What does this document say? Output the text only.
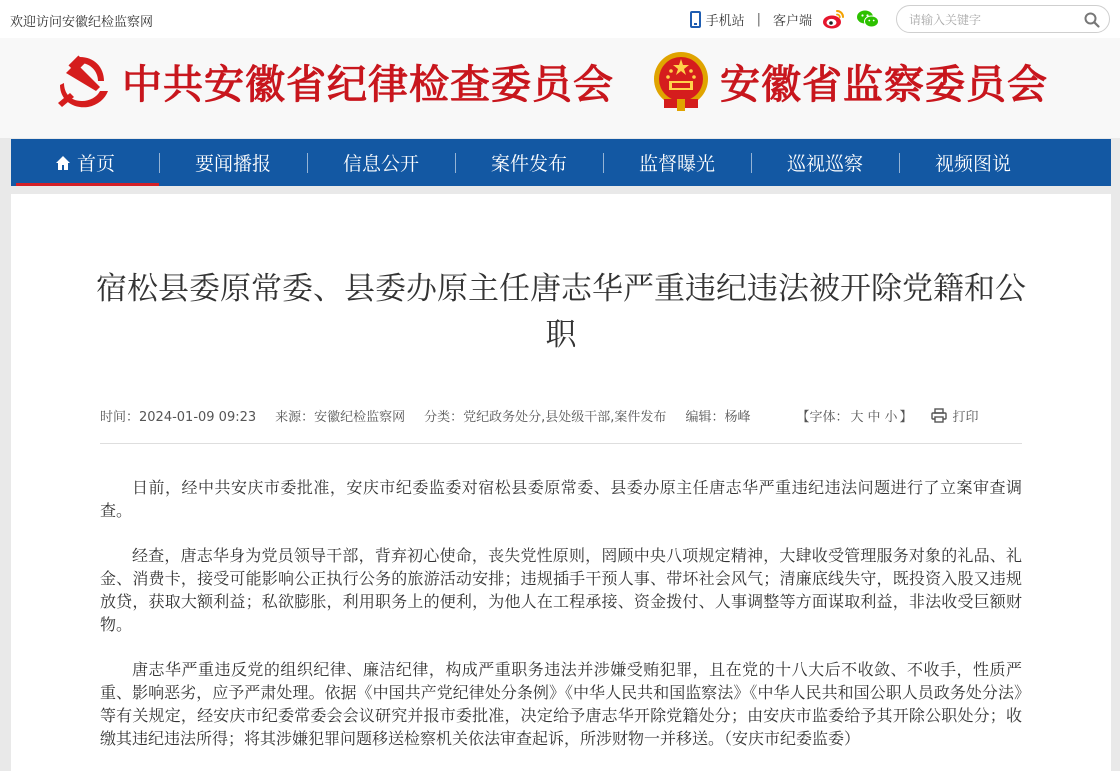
欢迎访问安徽纪检监察网	手机站 | 客户端
请输入关键字
中共安徽省纪律检查委员会	安徽省监察委员会
首页	要闻播报	信息公开	案件发布	监督曝光	巡视巡察	视频图说
宿松县委原常委、县委办原主任唐志华严重违纪违法被开除党籍和公职
时间：2024-01-09 09:23 来源：安徽纪检监察网 分类：党纪政务处分,县处级干部,案件发布 编辑：杨峰	【字体： 大 中 小 】	打印

日前，经中共安庆市委批准，安庆市纪委监委对宿松县委原常委、县委办原主任唐志华严重违纪违法问题进行了立案审查调查。

经查，唐志华身为党员领导干部，背弃初心使命，丧失党性原则，罔顾中央八项规定精神，大肆收受管理服务对象的礼品、礼金、消费卡，接受可能影响公正执行公务的旅游活动安排；违规插手干预人事、带坏社会风气；清廉底线失守，既投资入股又违规放贷，获取大额利益；私欲膨胀，利用职务上的便利，为他人在工程承接、资金拨付、人事调整等方面谋取利益，非法收受巨额财物。

唐志华严重违反党的组织纪律、廉洁纪律，构成严重职务违法并涉嫌受贿犯罪，且在党的十八大后不收敛、不收手，性质严重、影响恶劣，应予严肃处理。依据《中国共产党纪律处分条例》《中华人民共和国监察法》《中华人民共和国公职人员政务处分法》等有关规定，经安庆市纪委常委会会议研究并报市委批准，决定给予唐志华开除党籍处分；由安庆市监委给予其开除公职处分；收缴其违纪违法所得；将其涉嫌犯罪问题移送检察机关依法审查起诉，所涉财物一并移送。（安庆市纪委监委）
